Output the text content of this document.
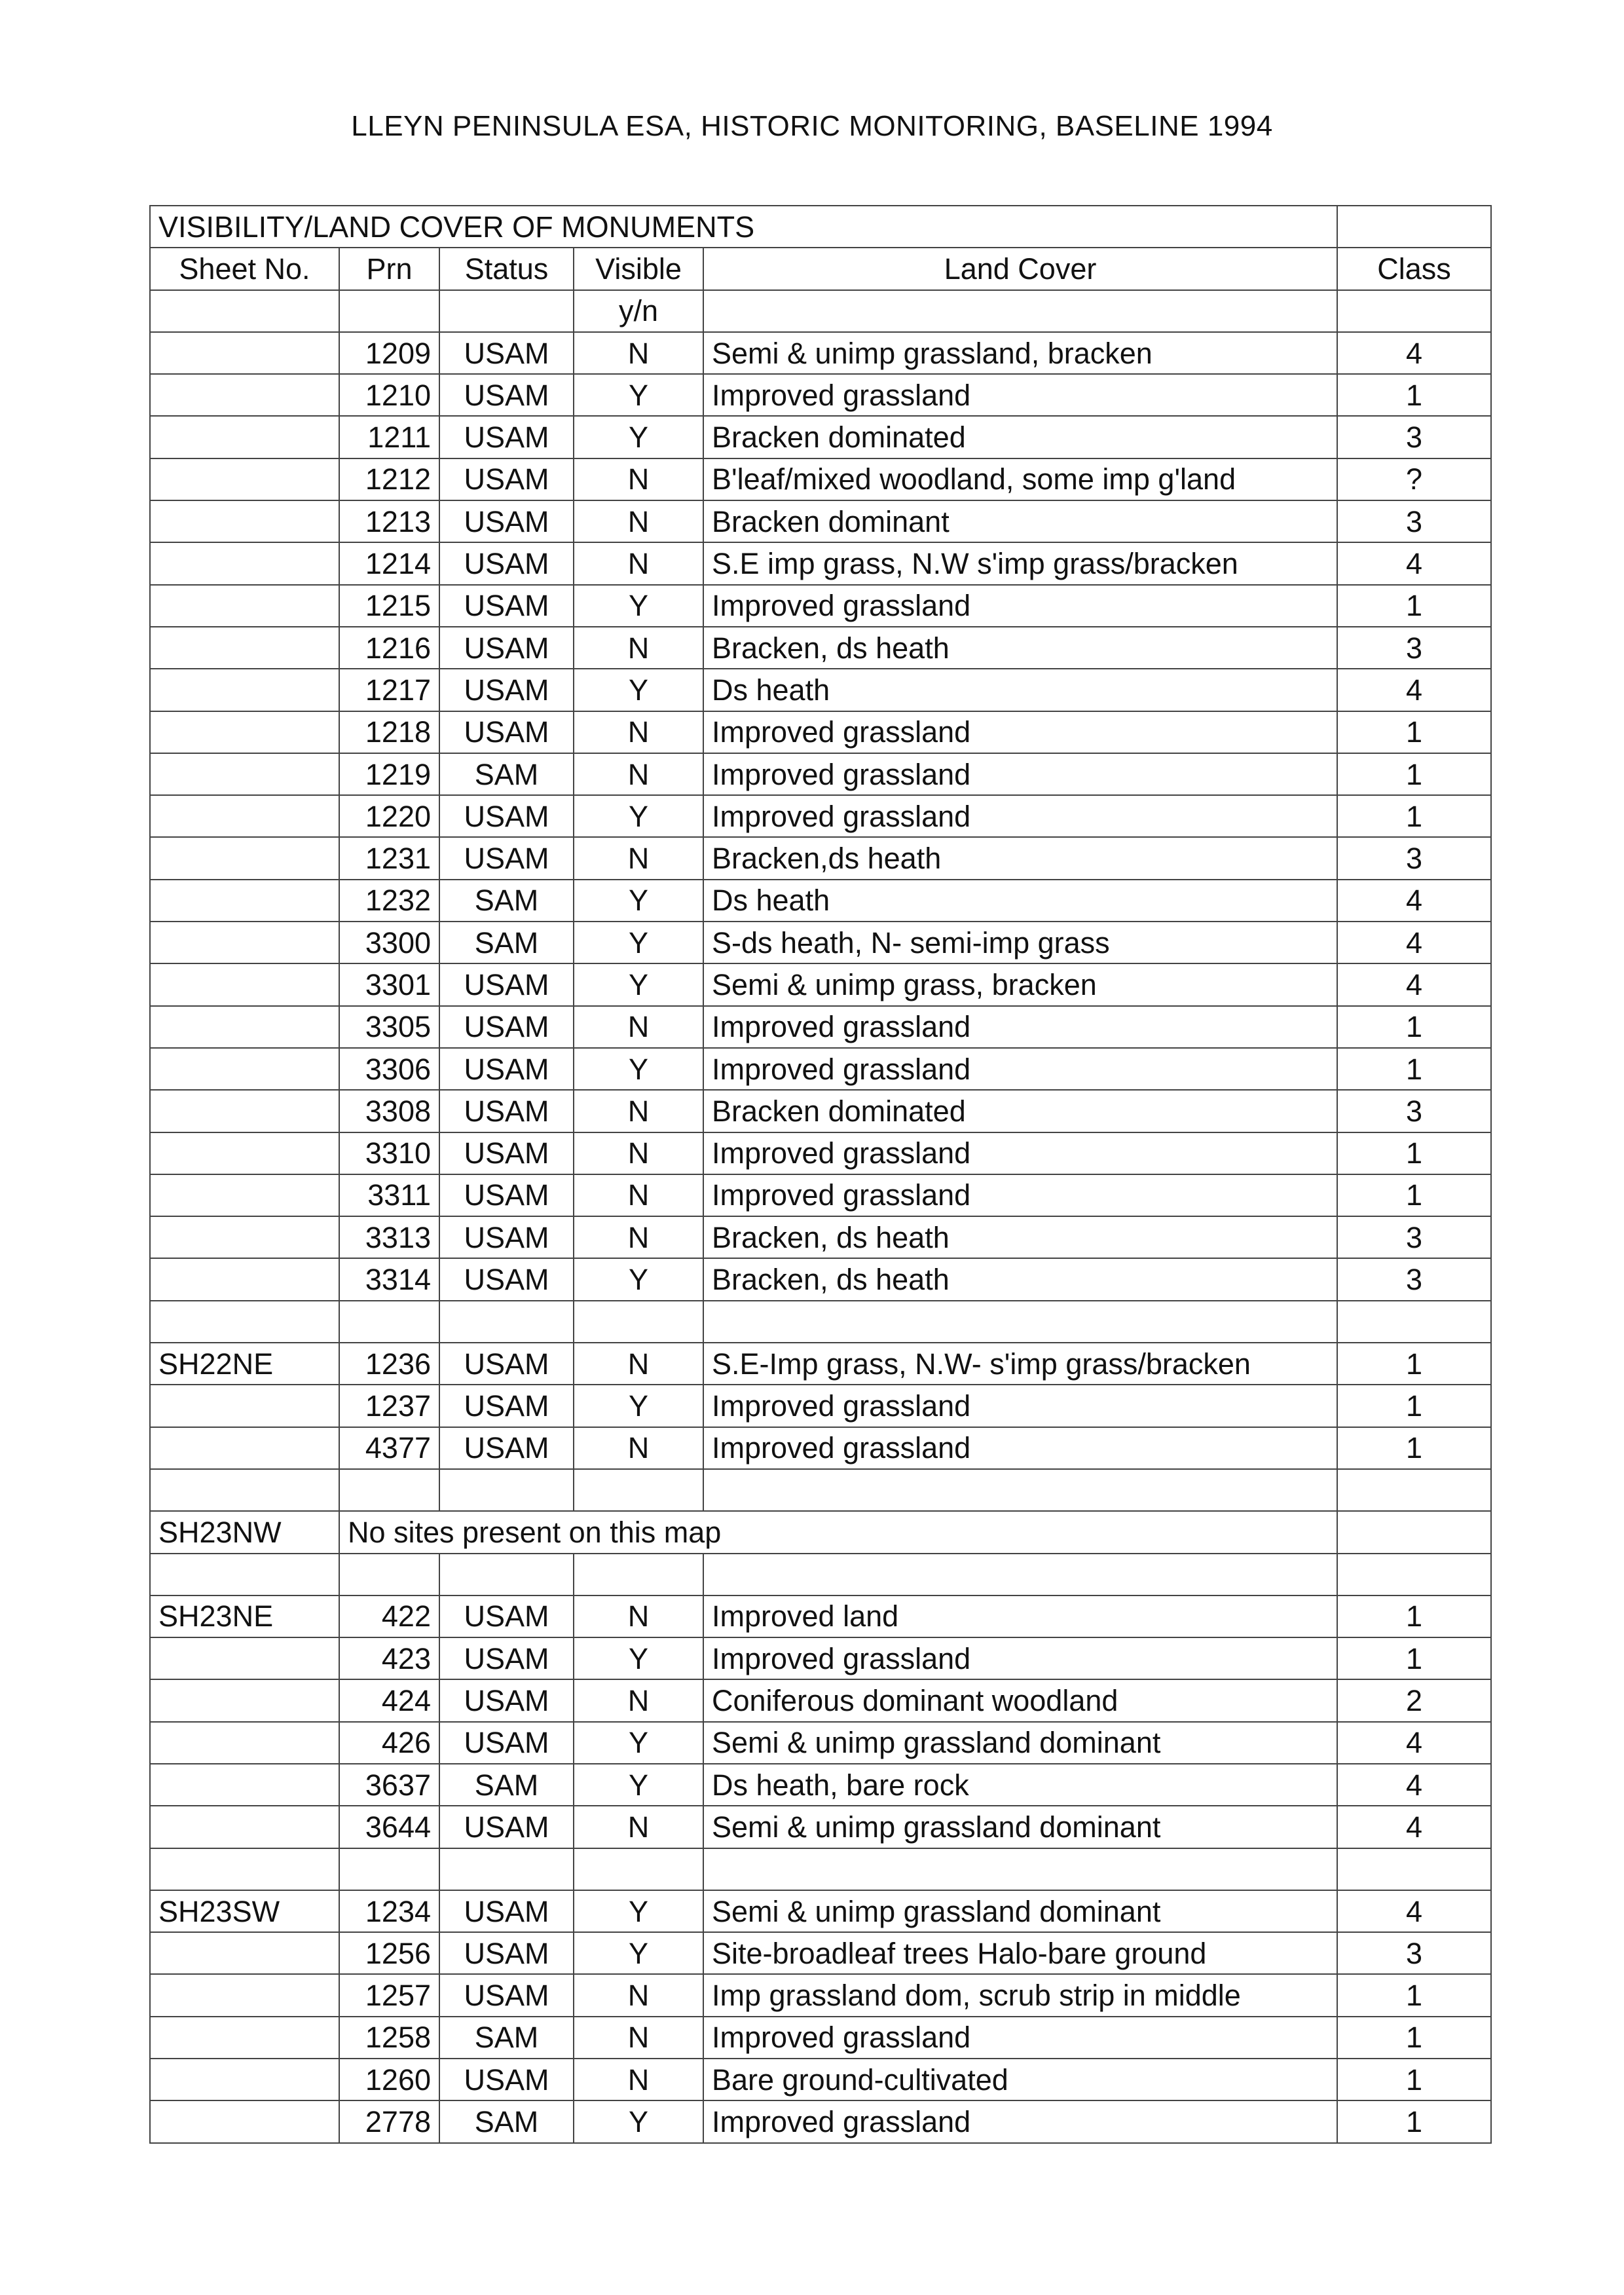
LLEYN PENINSULA ESA, HISTORIC MONITORING, BASELINE 1994
VISIBILITY/LAND COVER OF MONUMENTS					
Sheet No.	Prn	Status	Visible	Land Cover	Class
			y/n		
	1209	USAM	N	Semi & unimp grassland, bracken	4
	1210	USAM	Y	Improved grassland	1
	1211	USAM	Y	Bracken dominated	3
	1212	USAM	N	B'leaf/mixed woodland, some imp g'land	?
	1213	USAM	N	Bracken dominant	3
	1214	USAM	N	S.E imp grass, N.W s'imp grass/bracken	4
	1215	USAM	Y	Improved grassland	1
	1216	USAM	N	Bracken, ds heath	3
	1217	USAM	Y	Ds heath	4
	1218	USAM	N	Improved grassland	1
	1219	SAM	N	Improved grassland	1
	1220	USAM	Y	Improved grassland	1
	1231	USAM	N	Bracken,ds heath	3
	1232	SAM	Y	Ds heath	4
	3300	SAM	Y	S-ds heath, N- semi-imp grass	4
	3301	USAM	Y	Semi & unimp grass, bracken	4
	3305	USAM	N	Improved grassland	1
	3306	USAM	Y	Improved grassland	1
	3308	USAM	N	Bracken dominated	3
	3310	USAM	N	Improved grassland	1
	3311	USAM	N	Improved grassland	1
	3313	USAM	N	Bracken, ds heath	3
	3314	USAM	Y	Bracken, ds heath	3

SH22NE	1236	USAM	N	S.E-Imp grass, N.W- s'imp grass/bracken	1
	1237	USAM	Y	Improved grassland	1
	4377	USAM	N	Improved grassland	1

SH23NW	No sites present on this map				

SH23NE	422	USAM	N	Improved land	1
	423	USAM	Y	Improved grassland	1
	424	USAM	N	Coniferous dominant woodland	2
	426	USAM	Y	Semi & unimp grassland dominant	4
	3637	SAM	Y	Ds heath, bare rock	4
	3644	USAM	N	Semi & unimp grassland dominant	4

SH23SW	1234	USAM	Y	Semi & unimp grassland dominant	4
	1256	USAM	Y	Site-broadleaf trees Halo-bare ground	3
	1257	USAM	N	Imp grassland dom, scrub strip in middle	1
	1258	SAM	N	Improved grassland	1
	1260	USAM	N	Bare ground-cultivated	1
	2778	SAM	Y	Improved grassland	1
